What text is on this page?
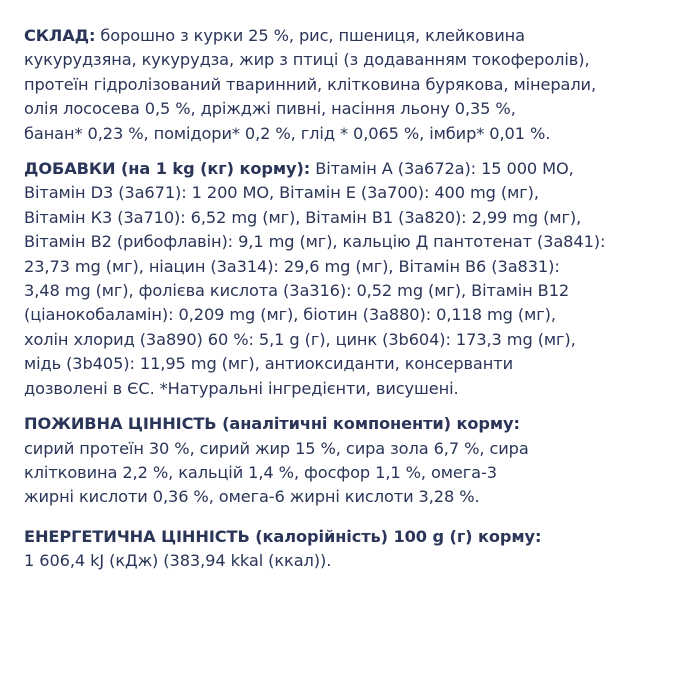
СКЛАД: борошно з курки 25 %, рис, пшениця, клейковина
кукурудзяна, кукурудза, жир з птиці (з додаванням токоферолів),
протеїн гідролізований тваринний, клітковина бурякова, мінерали,
олія лососева 0,5 %, дріжджі пивні, насіння льону 0,35 %,
банан* 0,23 %, помідори* 0,2 %, глід * 0,065 %, імбир* 0,01 %.

ДОБАВКИ (на 1 kg (кг) корму): Вітамін А (3а672а): 15 000 МО,
Вітамін D3 (3а671): 1 200 МО, Вітамін Е (3а700): 400 mg (мг),
Вітамін К3 (3а710): 6,52 mg (мг), Вітамін В1 (3а820): 2,99 mg (мг),
Вітамін В2 (рибофлавін): 9,1 mg (мг), кальцію Д пантотенат (3а841):
23,73 mg (мг), ніацин (3а314): 29,6 mg (мг), Вітамін В6 (3а831):
3,48 mg (мг), фолієва кислота (3а316): 0,52 mg (мг), Вітамін В12
(ціанокобаламін): 0,209 mg (мг), біотин (3а880): 0,118 mg (мг),
холін хлорид (3а890) 60 %: 5,1 g (г), цинк (3b604): 173,3 mg (мг),
мідь (3b405): 11,95 mg (мг), антиоксиданти, консерванти
дозволені в ЄС. *Натуральні інгредієнти, висушені.

ПОЖИВНА ЦІННІСТЬ (аналітичні компоненти) корму:
сирий протеїн 30 %, сирий жир 15 %, сира зола 6,7 %, сира
клітковина 2,2 %, кальцій 1,4 %, фосфор 1,1 %, омега-3
жирні кислоти 0,36 %, омега-6 жирні кислоти 3,28 %.

ЕНЕРГЕТИЧНА ЦІННІСТЬ (калорійність) 100 g (г) корму:
1 606,4 kJ (кДж) (383,94 kkal (ккал)).
